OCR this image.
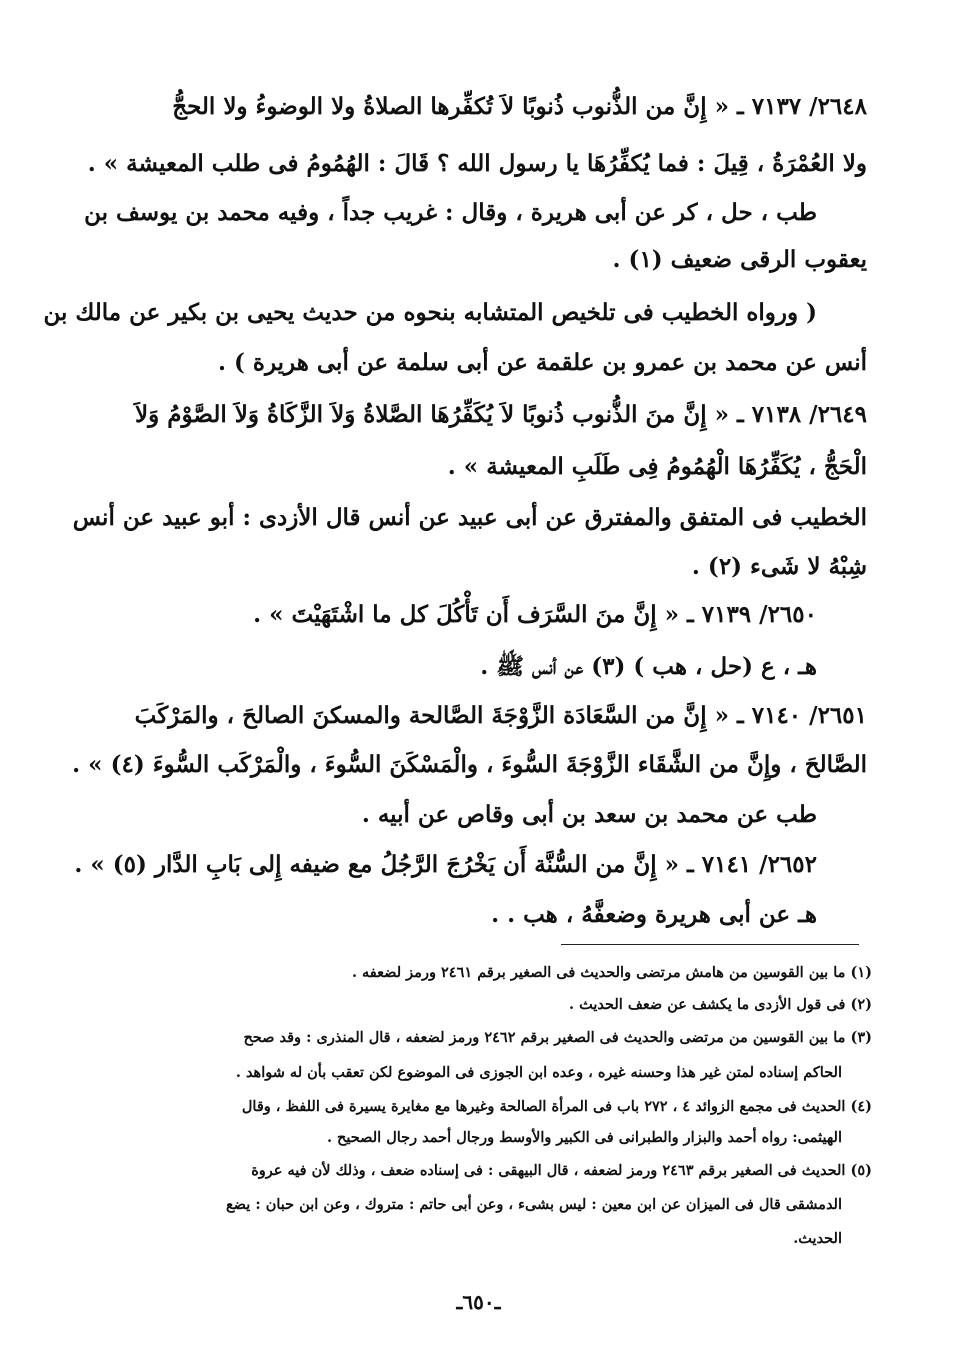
٢٦٤٨/ ٧١٣٧ ـ « إِنَّ من الذُّنوب ذُنوبًا لاَ تُكفِّرها الصلاةُ ولا الوضوءُ ولا الحجُّ
ولا العُمْرَةُ ، قِيلَ : فما يُكفِّرُهَا يا رسول الله ؟ قَالَ : الهُمُومُ فى طلب المعيشة » .
طب ، حل ، كر عن أبى هريرة ، وقال : غريب جداً ، وفيه محمد بن يوسف بن
يعقوب الرقى ضعيف (١) .
( ورواه الخطيب فى تلخيص المتشابه بنحوه من حديث يحيى بن بكير عن مالك بن
أنس عن محمد بن عمرو بن علقمة عن أبى سلمة عن أبى هريرة ) .
٢٦٤٩/ ٧١٣٨ ـ « إِنَّ منَ الذُّنوب ذُنوبًا لاَ يُكَفِّرُهَا الصَّلاةُ وَلاَ الزَّكَاةُ وَلاَ الصَّوْمُ وَلاَ
الْحَجُّ ، يُكَفِّرُهَا الْهُمُومُ فِى طَلَبِ المعيشة » .
الخطيب فى المتفق والمفترق عن أبى عبيد عن أنس قال الأزدى : أبو عبيد عن أنس
شِبْهُ لا شَىء (٢) .
٢٦٥٠/ ٧١٣٩ ـ « إِنَّ منَ السَّرَف أَن تَأْكُلَ كل ما اشْتَهَيْتَ » .
هـ ، ع (حل ، هب ) (٣) عن أنس ﷺ .
٢٦٥١/ ٧١٤٠ ـ « إِنَّ من السَّعَادَة الزَّوْجَةَ الصَّالحة والمسكنَ الصالحَ ، والمَرْكَبَ
الصَّالحَ ، وإِنَّ من الشَّقَاء الزَّوْجَةَ السُّوءَ ، والْمَسْكَنَ السُّوءَ ، والْمَرْكَب السُّوءَ (٤) » .
طب عن محمد بن سعد بن أبى وقاص عن أبيه .
٢٦٥٢/ ٧١٤١ ـ « إِنَّ من السُّنَّة أَن يَخْرُجَ الرَّجُلُ مع ضيفه إِلى بَابِ الدَّار (٥) » .
هـ عن أبى هريرة وضعفَّهُ ، هب . .
(١) ما بين القوسين من هامش مرتضى والحديث فى الصغير برقم ٢٤٦١ ورمز لضعفه .
(٢) فى قول الأزدى ما يكشف عن ضعف الحديث .
(٣) ما بين القوسين من مرتضى والحديث فى الصغير برقم ٢٤٦٢ ورمز لضعفه ، قال المنذرى : وقد صحح
الحاكم إسناده لمتن غير هذا وحسنه غيره ، وعده ابن الجوزى فى الموضوع لكن تعقب بأن له شواهد .
(٤) الحديث فى مجمع الزوائد ٤ ، ٢٧٢ باب فى المرأة الصالحة وغيرها مع مغايرة يسيرة فى اللفظ ، وقال
الهيثمى: رواه أحمد والبزار والطبرانى فى الكبير والأوسط ورجال أحمد رجال الصحيح .
(٥) الحديث فى الصغير برقم ٢٤٦٣ ورمز لضعفه ، قال البيهقى : فى إسناده ضعف ، وذلك لأن فيه عروة
الدمشقى قال فى الميزان عن ابن معين : ليس بشىء ، وعن أبى حاتم : متروك ، وعن ابن حبان : يضع
الحديث.
ـ٦٥٠ـ
